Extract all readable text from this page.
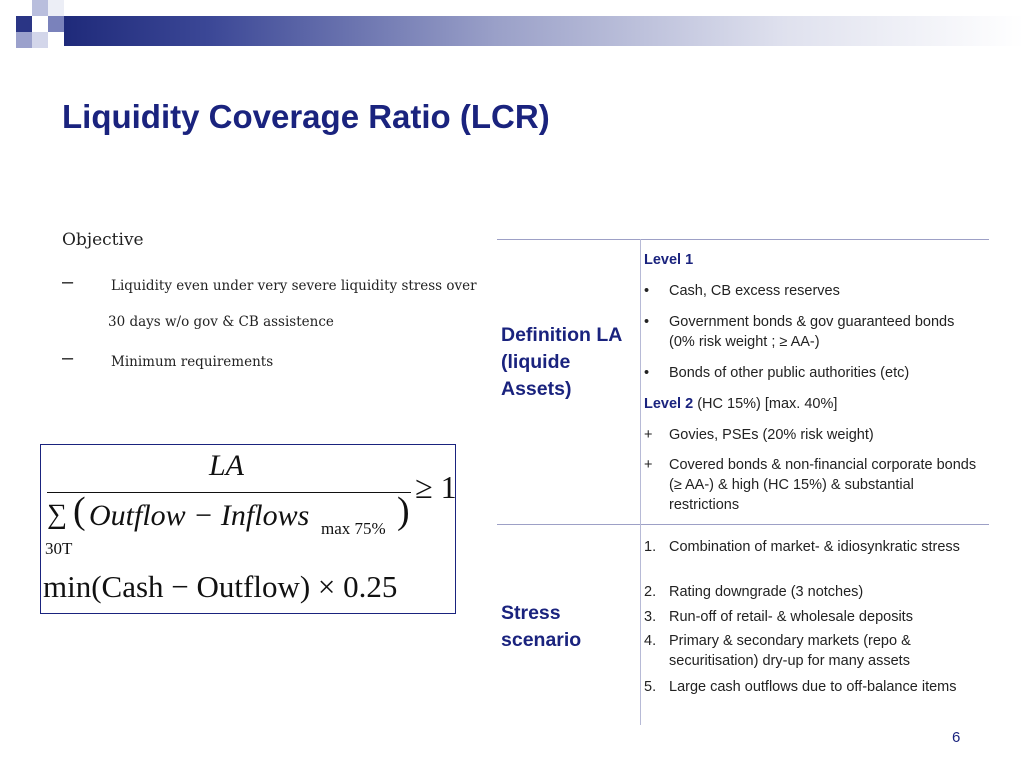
Liquidity Coverage Ratio (LCR)
Objective
–	Liquidity even under very severe liquidity stress over
30 days w/o gov & CB assistence
–	Minimum requirements
LA
≥ 1
∑ ( Outflow − Inflows max 75% )
30T
min(Cash − Outflow) × 0.25
Definition LA (liquide Assets)
Level 1
• Cash, CB excess reserves
• Government bonds & gov guaranteed bonds (0% risk weight ; ≥ AA-)
• Bonds of other public authorities (etc)
Level 2 (HC 15%) [max. 40%]
+ Govies, PSEs (20% risk weight)
+ Covered bonds & non-financial corporate bonds (≥ AA-) & high (HC 15%) & substantial restrictions
Stress scenario
1. Combination of market- & idiosynkratic stress
2. Rating downgrade (3 notches)
3. Run-off of retail- & wholesale deposits
4. Primary & secondary markets (repo & securitisation) dry-up for many assets
5. Large cash outflows due to off-balance items
6
